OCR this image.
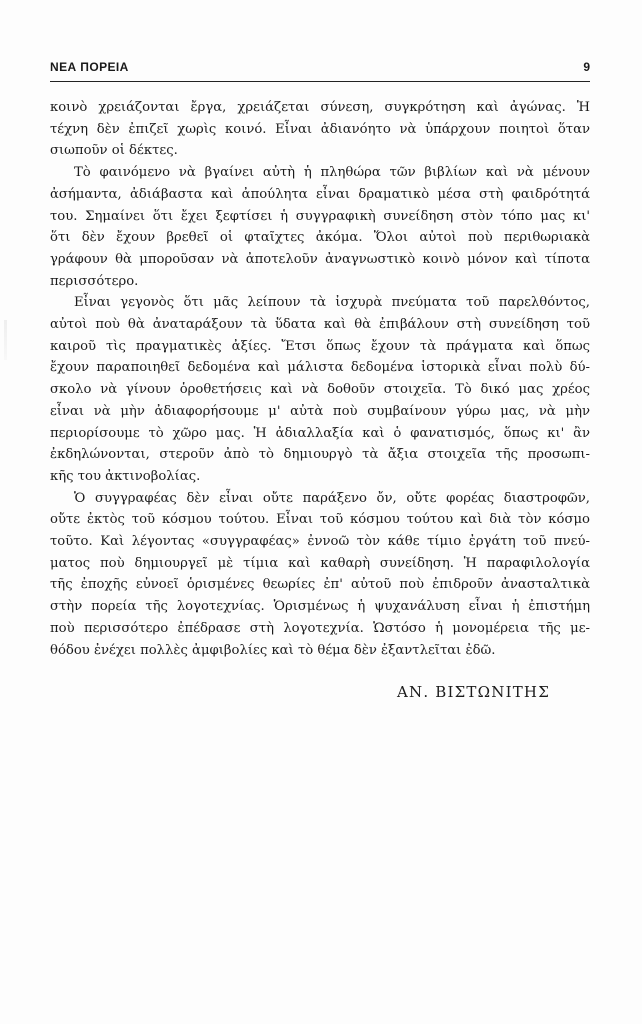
ΝΕΑ ΠΟΡΕΙΑ	9

κοινὸ χρειάζονται ἔργα, χρειάζεται σύνεση, συγκρότηση καὶ ἀγώνας. Ἡ
τέχνη δὲν ἐπιζεῖ χωρὶς κοινό. Εἶναι ἀδιανόητο νὰ ὑπάρχουν ποιητοὶ ὅταν
σιωποῦν οἱ δέκτες.

Τὸ φαινόμενο νὰ βγαίνει αὐτὴ ἡ πληθώρα τῶν βιβλίων καὶ νὰ μένουν
ἀσήμαντα, ἀδιάβαστα καὶ ἀπούλητα εἶναι δραματικὸ μέσα στὴ φαιδρότητά
του. Σημαίνει ὅτι ἔχει ξεφτίσει ἡ συγγραφικὴ συνείδηση στὸν τόπο μας κι'
ὅτι δὲν ἔχουν βρεθεῖ οἱ φταῖχτες ἀκόμα. Ὅλοι αὐτοὶ ποὺ περιθωριακὰ
γράφουν θὰ μποροῦσαν νὰ ἀποτελοῦν ἀναγνωστικὸ κοινὸ μόνον καὶ τίποτα
περισσότερο.

Εἶναι γεγονὸς ὅτι μᾶς λείπουν τὰ ἰσχυρὰ πνεύματα τοῦ παρελθόντος,
αὐτοὶ ποὺ θὰ ἀναταράξουν τὰ ὕδατα καὶ θὰ ἐπιβάλουν στὴ συνείδηση τοῦ
καιροῦ τὶς πραγματικὲς ἀξίες. Ἔτσι ὅπως ἔχουν τὰ πράγματα καὶ ὅπως
ἔχουν παραποιηθεῖ δεδομένα καὶ μάλιστα δεδομένα ἱστορικὰ εἶναι πολὺ δύ-
σκολο νὰ γίνουν ὁροθετήσεις καὶ νὰ δοθοῦν στοιχεῖα. Τὸ δικό μας χρέος
εἶναι νὰ μὴν ἀδιαφορήσουμε μ' αὐτὰ ποὺ συμβαίνουν γύρω μας, νὰ μὴν
περιορίσουμε τὸ χῶρο μας. Ἡ ἀδιαλλαξία καὶ ὁ φανατισμός, ὅπως κι' ἂν
ἐκδηλώνονται, στεροῦν ἀπὸ τὸ δημιουργὸ τὰ ἄξια στοιχεῖα τῆς προσωπι-
κῆς του ἀκτινοβολίας.

Ὁ συγγραφέας δὲν εἶναι οὔτε παράξενο ὄν, οὔτε φορέας διαστροφῶν,
οὔτε ἐκτὸς τοῦ κόσμου τούτου. Εἶναι τοῦ κόσμου τούτου καὶ διὰ τὸν κόσμο
τοῦτο. Καὶ λέγοντας «συγγραφέας» ἐννοῶ τὸν κάθε τίμιο ἐργάτη τοῦ πνεύ-
ματος ποὺ δημιουργεῖ μὲ τίμια καὶ καθαρὴ συνείδηση. Ἡ παραφιλολογία
τῆς ἐποχῆς εὐνοεῖ ὁρισμένες θεωρίες ἐπ' αὐτοῦ ποὺ ἐπιδροῦν ἀνασταλτικὰ
στὴν πορεία τῆς λογοτεχνίας. Ὁρισμένως ἡ ψυχανάλυση εἶναι ἡ ἐπιστήμη
ποὺ περισσότερο ἐπέδρασε στὴ λογοτεχνία. Ὡστόσο ἡ μονομέρεια τῆς με-
θόδου ἐνέχει πολλὲς ἀμφιβολίες καὶ τὸ θέμα δὲν ἐξαντλεῖται ἐδῶ.

ΑΝ. ΒΙΣΤΩΝΙΤΗΣ
